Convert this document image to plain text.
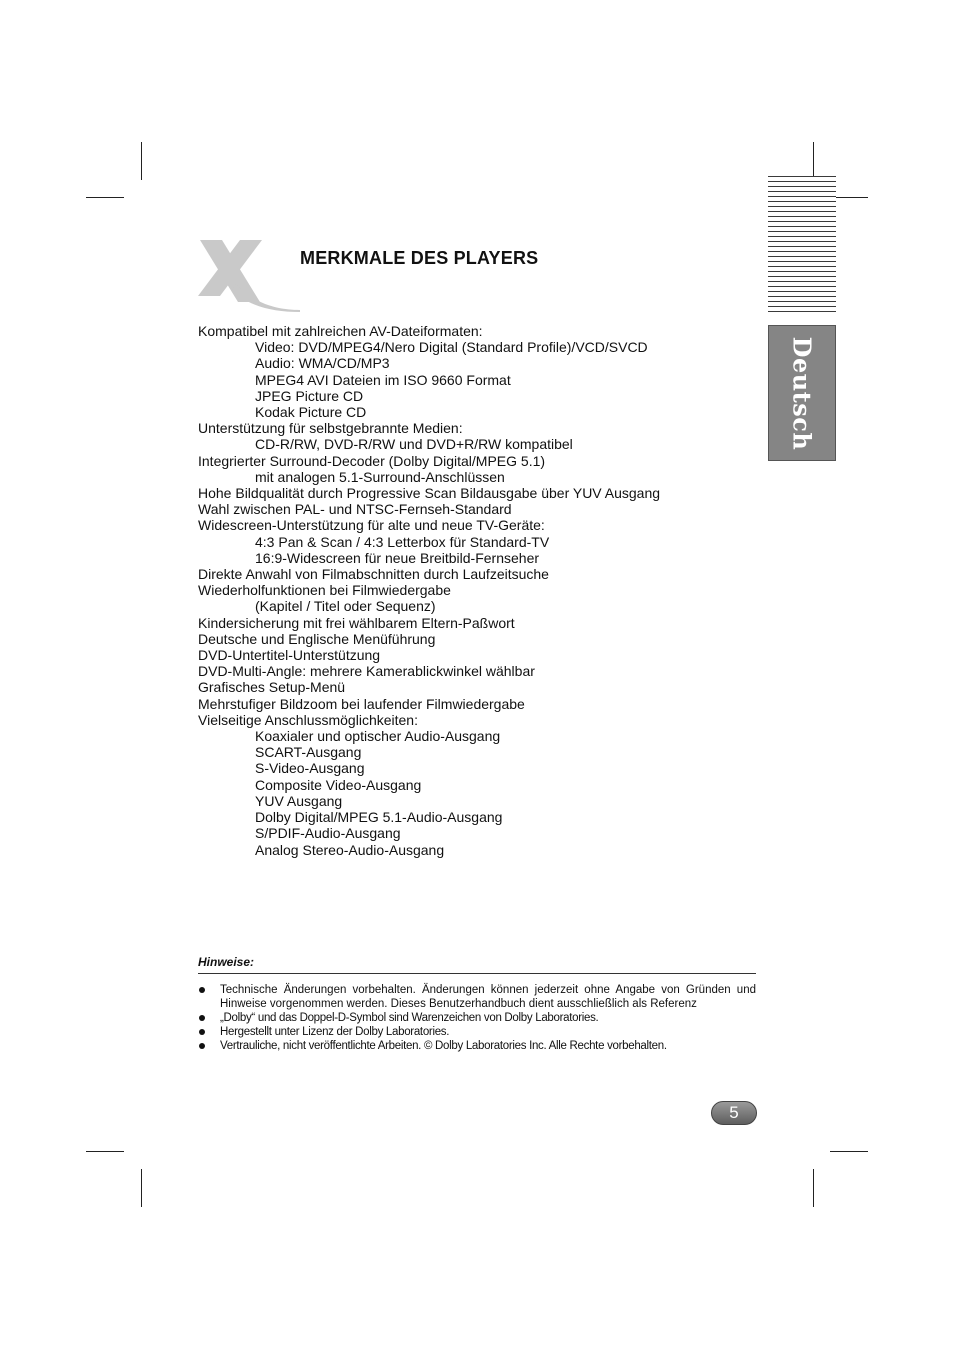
Deutsch
MERKMALE DES PLAYERS
Kompatibel mit zahlreichen AV-Dateiformaten:
Video: DVD/MPEG4/Nero Digital (Standard Profile)/VCD/SVCD
Audio: WMA/CD/MP3
MPEG4 AVI Dateien im ISO 9660 Format
JPEG Picture CD
Kodak Picture CD
Unterstützung für selbstgebrannte Medien:
CD-R/RW, DVD-R/RW und DVD+R/RW kompatibel
Integrierter Surround-Decoder (Dolby Digital/MPEG 5.1)
mit analogen 5.1-Surround-Anschlüssen
Hohe Bildqualität durch Progressive Scan Bildausgabe über YUV Ausgang
Wahl zwischen PAL- und NTSC-Fernseh-Standard
Widescreen-Unterstützung für alte und neue TV-Geräte:
4:3 Pan & Scan / 4:3 Letterbox für Standard-TV
16:9-Widescreen für neue Breitbild-Fernseher
Direkte Anwahl von Filmabschnitten durch Laufzeitsuche
Wiederholfunktionen bei Filmwiedergabe
(Kapitel / Titel oder Sequenz)
Kindersicherung mit frei wählbarem Eltern-Paßwort
Deutsche und Englische Menüführung
DVD-Untertitel-Unterstützung
DVD-Multi-Angle: mehrere Kamerablickwinkel wählbar
Grafisches Setup-Menü
Mehrstufiger Bildzoom bei laufender Filmwiedergabe
Vielseitige Anschlussmöglichkeiten:
Koaxialer und optischer Audio-Ausgang
SCART-Ausgang
S-Video-Ausgang
Composite Video-Ausgang
YUV Ausgang
Dolby Digital/MPEG 5.1-Audio-Ausgang
S/PDIF-Audio-Ausgang
Analog Stereo-Audio-Ausgang
Hinweise:
Technische Änderungen vorbehalten. Änderungen können jederzeit ohne Angabe von Gründen und Hinweise vorgenommen werden. Dieses Benutzerhandbuch dient ausschließlich als Referenz
„Dolby“ und das Doppel-D-Symbol sind Warenzeichen von Dolby Laboratories.
Hergestellt unter Lizenz der Dolby Laboratories.
Vertrauliche, nicht veröffentlichte Arbeiten. © Dolby Laboratories Inc. Alle Rechte vorbehalten.
5
